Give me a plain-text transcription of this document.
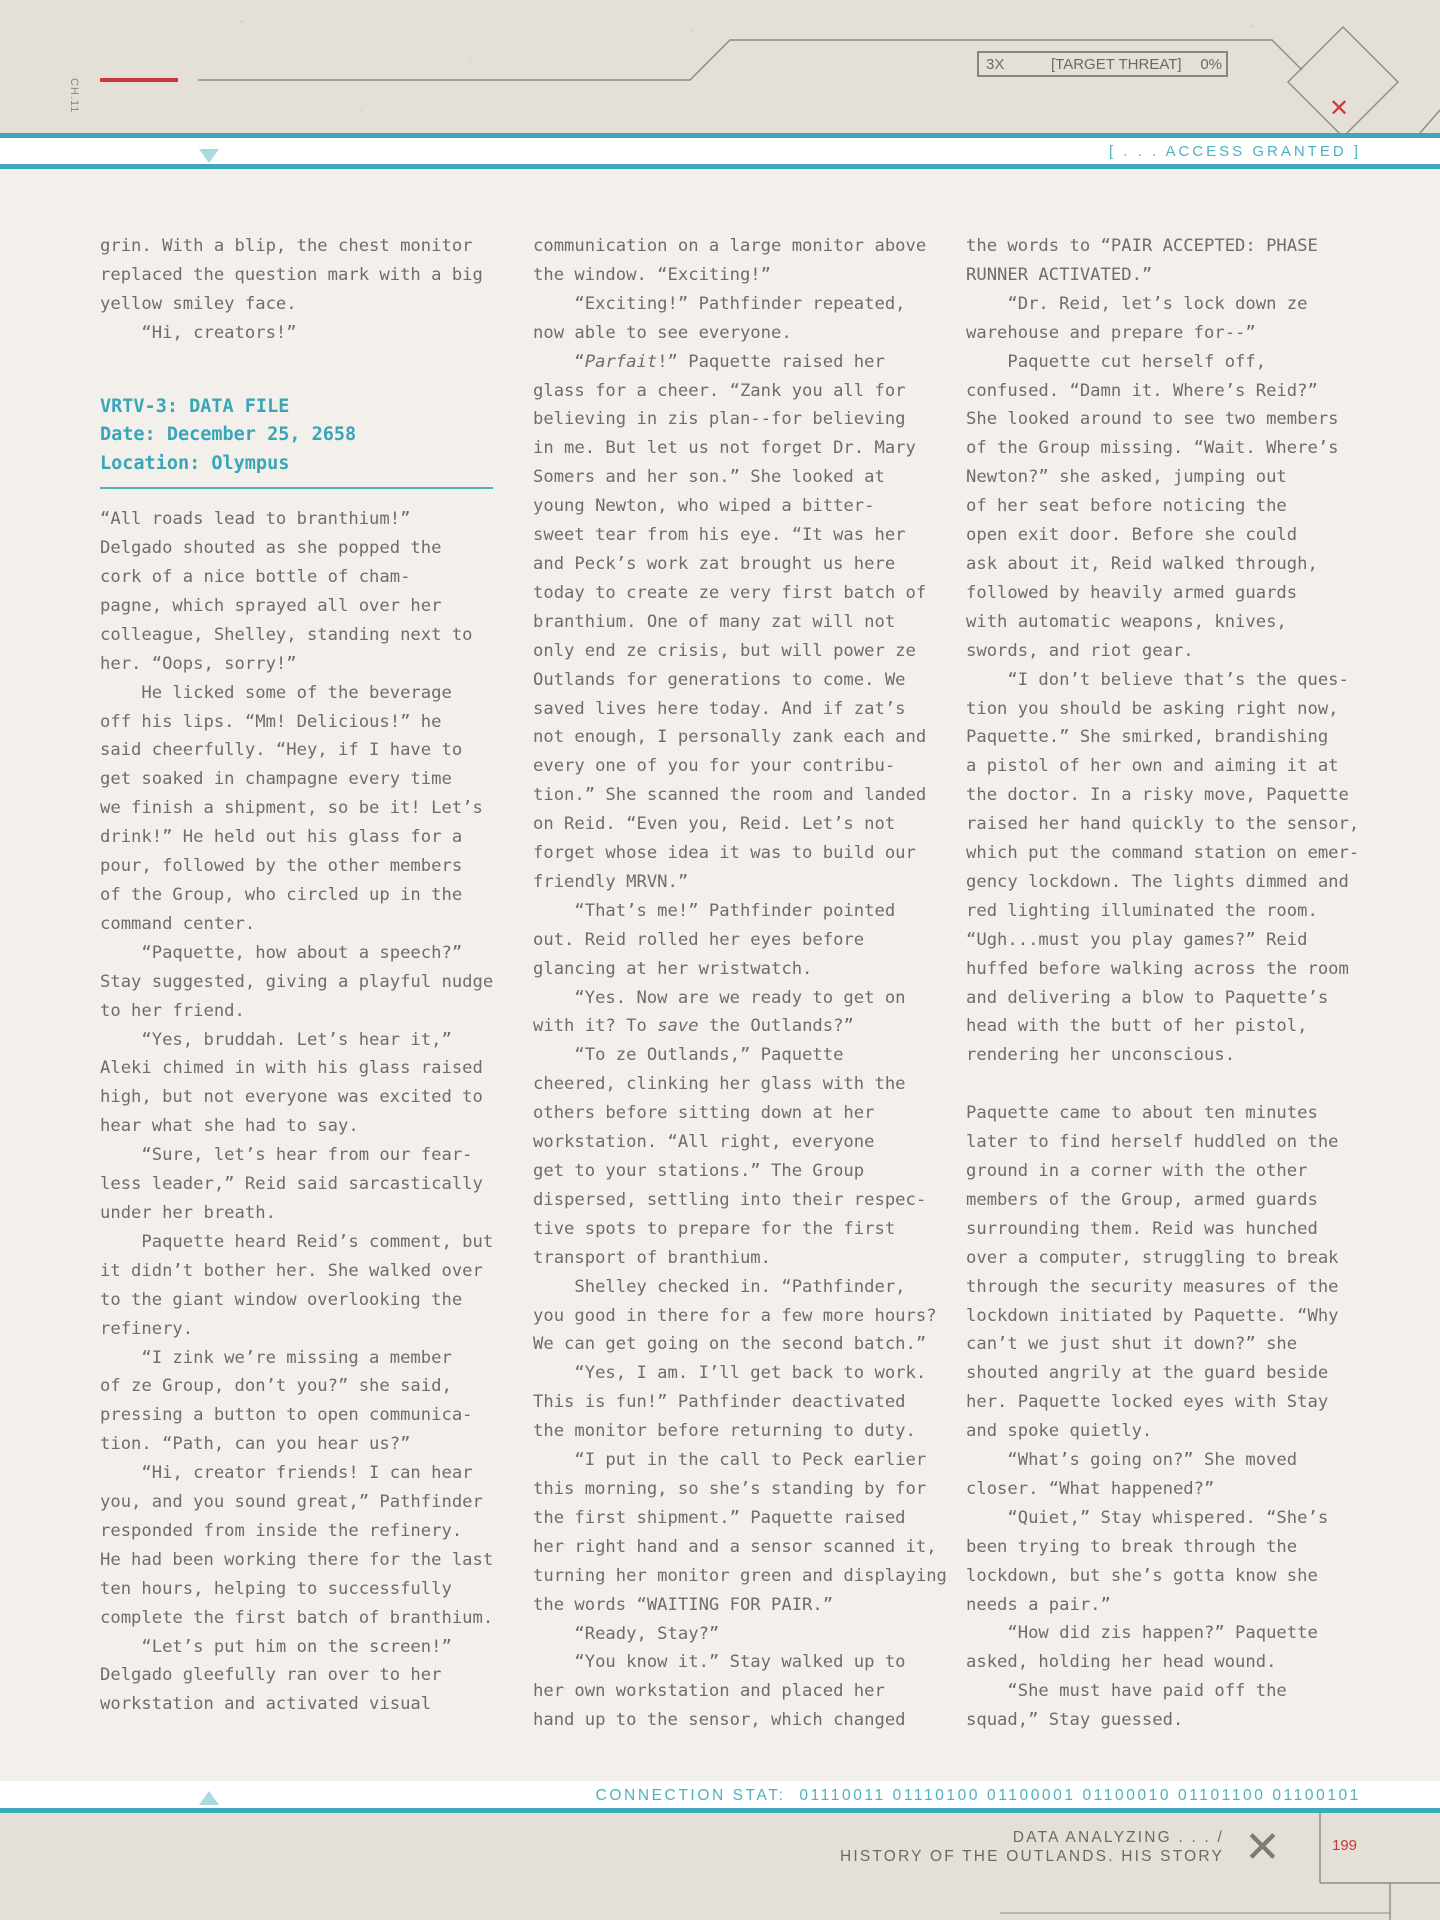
CH.11
3X	[TARGET THREAT] 0%
✕
[ . . . ACCESS GRANTED ]

grin. With a blip, the chest monitor

replaced the question mark with a big

yellow smiley face.

“Hi, creators!”

VRTV-3: DATA FILE
Date: December 25, 2658
Location: Olympus

“All roads lead to branthium!”

Delgado shouted as she popped the

cork of a nice bottle of cham-

pagne, which sprayed all over her

colleague, Shelley, standing next to

her. “Oops, sorry!”

He licked some of the beverage

off his lips. “Mm! Delicious!” he

said cheerfully. “Hey, if I have to

get soaked in champagne every time

we finish a shipment, so be it! Let’s

drink!” He held out his glass for a

pour, followed by the other members

of the Group, who circled up in the

command center.

“Paquette, how about a speech?”

Stay suggested, giving a playful nudge

to her friend.

“Yes, bruddah. Let’s hear it,”

Aleki chimed in with his glass raised

high, but not everyone was excited to

hear what she had to say.

“Sure, let’s hear from our fear-

less leader,” Reid said sarcastically

under her breath.

Paquette heard Reid’s comment, but

it didn’t bother her. She walked over

to the giant window overlooking the

refinery.

“I zink we’re missing a member

of ze Group, don’t you?” she said,

pressing a button to open communica-

tion. “Path, can you hear us?”

“Hi, creator friends! I can hear

you, and you sound great,” Pathfinder

responded from inside the refinery.

He had been working there for the last

ten hours, helping to successfully

complete the first batch of branthium.

“Let’s put him on the screen!”

Delgado gleefully ran over to her

workstation and activated visual

communication on a large monitor above

the window. “Exciting!”

“Exciting!” Pathfinder repeated,

now able to see everyone.

“Parfait!” Paquette raised her

glass for a cheer. “Zank you all for

believing in zis plan--for believing

in me. But let us not forget Dr. Mary

Somers and her son.” She looked at

young Newton, who wiped a bitter-

sweet tear from his eye. “It was her

and Peck’s work zat brought us here

today to create ze very first batch of

branthium. One of many zat will not

only end ze crisis, but will power ze

Outlands for generations to come. We

saved lives here today. And if zat’s

not enough, I personally zank each and

every one of you for your contribu-

tion.” She scanned the room and landed

on Reid. “Even you, Reid. Let’s not

forget whose idea it was to build our

friendly MRVN.”

“That’s me!” Pathfinder pointed

out. Reid rolled her eyes before

glancing at her wristwatch.

“Yes. Now are we ready to get on

with it? To save the Outlands?”

“To ze Outlands,” Paquette

cheered, clinking her glass with the

others before sitting down at her

workstation. “All right, everyone

get to your stations.” The Group

dispersed, settling into their respec-

tive spots to prepare for the first

transport of branthium.

Shelley checked in. “Pathfinder,

you good in there for a few more hours?

We can get going on the second batch.”

“Yes, I am. I’ll get back to work.

This is fun!” Pathfinder deactivated

the monitor before returning to duty.

“I put in the call to Peck earlier

this morning, so she’s standing by for

the first shipment.” Paquette raised

her right hand and a sensor scanned it,

turning her monitor green and displaying

the words “WAITING FOR PAIR.”

“Ready, Stay?”

“You know it.” Stay walked up to

her own workstation and placed her

hand up to the sensor, which changed

the words to “PAIR ACCEPTED: PHASE

RUNNER ACTIVATED.”

“Dr. Reid, let’s lock down ze

warehouse and prepare for--”

Paquette cut herself off,

confused. “Damn it. Where’s Reid?”

She looked around to see two members

of the Group missing. “Wait. Where’s

Newton?” she asked, jumping out

of her seat before noticing the

open exit door. Before she could

ask about it, Reid walked through,

followed by heavily armed guards

with automatic weapons, knives,

swords, and riot gear.

“I don’t believe that’s the ques-

tion you should be asking right now,

Paquette.” She smirked, brandishing

a pistol of her own and aiming it at

the doctor. In a risky move, Paquette

raised her hand quickly to the sensor,

which put the command station on emer-

gency lockdown. The lights dimmed and

red lighting illuminated the room.

“Ugh...must you play games?” Reid

huffed before walking across the room

and delivering a blow to Paquette’s

head with the butt of her pistol,

rendering her unconscious.

Paquette came to about ten minutes

later to find herself huddled on the

ground in a corner with the other

members of the Group, armed guards

surrounding them. Reid was hunched

over a computer, struggling to break

through the security measures of the

lockdown initiated by Paquette. “Why

can’t we just shut it down?” she

shouted angrily at the guard beside

her. Paquette locked eyes with Stay

and spoke quietly.

“What’s going on?” She moved

closer. “What happened?”

“Quiet,” Stay whispered. “She’s

been trying to break through the

lockdown, but she’s gotta know she

needs a pair.”

“How did zis happen?” Paquette

asked, holding her head wound.

“She must have paid off the

squad,” Stay guessed.

CONNECTION STAT:  01110011 01110100 01100001 01100010 01101100 01100101
DATA ANALYZING . . . /
HISTORY OF THE OUTLANDS. HIS STORY ✕	199
